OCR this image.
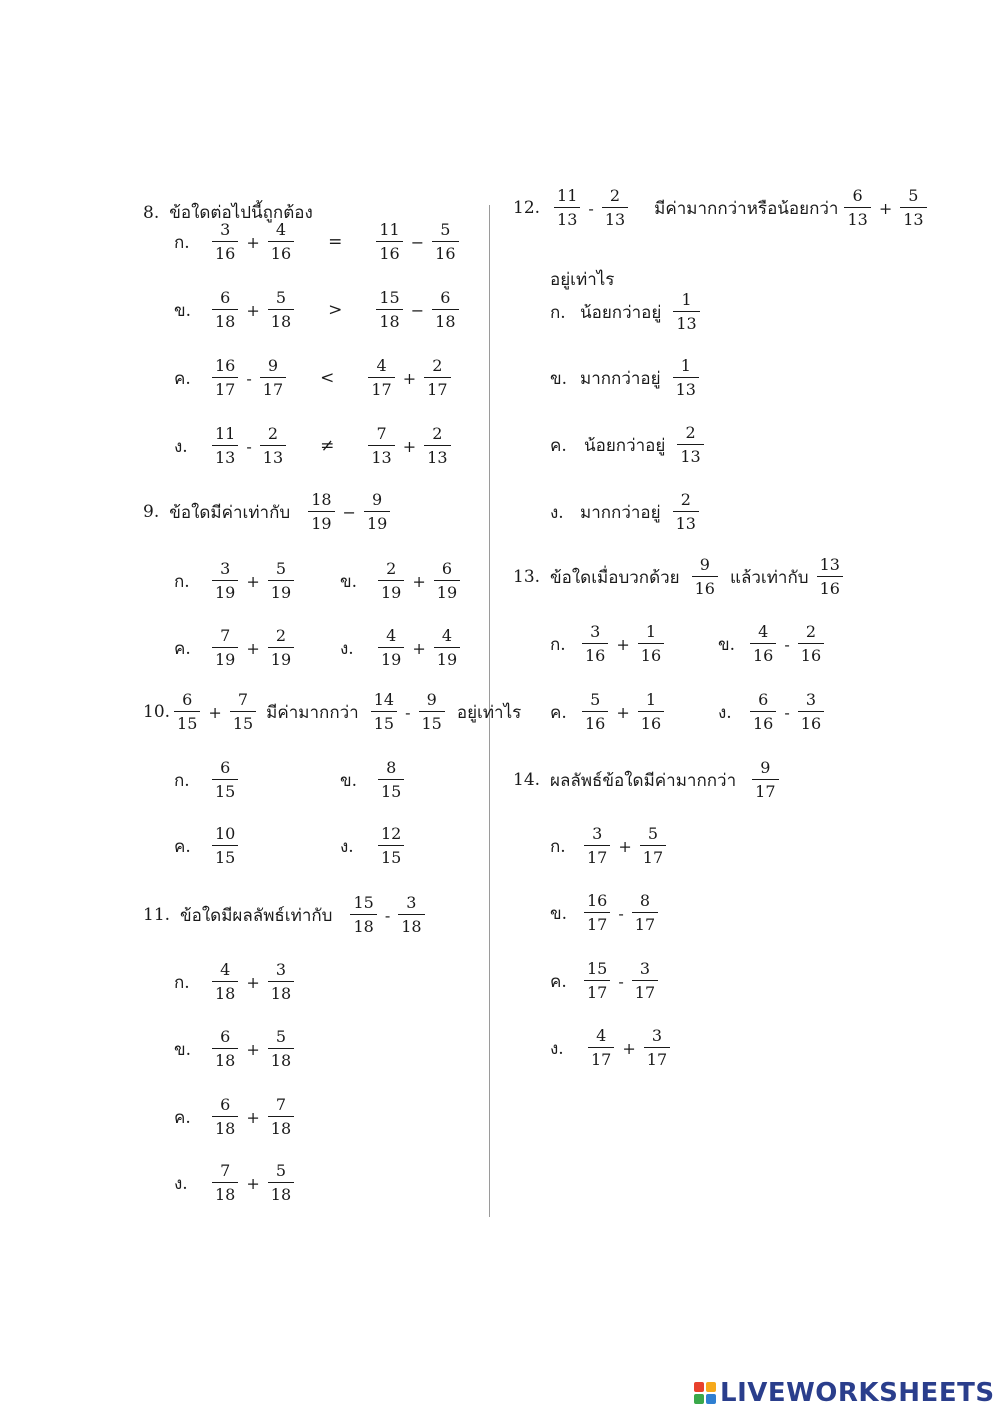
8. ข้อใดต่อไปนี้ถูกต้อง
ก.	$\frac{3}{16} + \frac{4}{16} = \frac{11}{16} - \frac{5}{16}$
ข.	$\frac{6}{18} + \frac{5}{18} > \frac{15}{18} - \frac{6}{18}$
ค.	$\frac{16}{17} - \frac{9}{17} < \frac{4}{17} + \frac{2}{17}$
ง.	$\frac{11}{13} - \frac{2}{13} \ne \frac{7}{13} + \frac{2}{13}$
9. ข้อใดมีค่าเท่ากับ $\frac{18}{19} - \frac{9}{19}$
ก.	$\frac{3}{19} + \frac{5}{19}$	ข.	$\frac{2}{19} + \frac{6}{19}$
ค.	$\frac{7}{19} + \frac{2}{19}$	ง.	$\frac{4}{19} + \frac{4}{19}$
10. $\frac{6}{15} + \frac{7}{15}$ มีค่ามากกว่า $\frac{14}{15} - \frac{9}{15}$ อยู่เท่าไร
ก.	$\frac{6}{15}$	ข.	$\frac{8}{15}$
ค.	$\frac{10}{15}$	ง.	$\frac{12}{15}$
11. ข้อใดมีผลลัพธ์เท่ากับ $\frac{15}{18} - \frac{3}{18}$
ก.	$\frac{4}{18} + \frac{3}{18}$
ข.	$\frac{6}{18} + \frac{5}{18}$
ค.	$\frac{6}{18} + \frac{7}{18}$
ง.	$\frac{7}{18} + \frac{5}{18}$
12. $\frac{11}{13} - \frac{2}{13}$ มีค่ามากกว่าหรือน้อยกว่า $\frac{6}{13} + \frac{5}{13}$
อยู่เท่าไร
ก. น้อยกว่าอยู่ $\frac{1}{13}$
ข. มากกว่าอยู่ $\frac{1}{13}$
ค.	น้อยกว่าอยู่ $\frac{2}{13}$
ง. มากกว่าอยู่ $\frac{2}{13}$
13. ข้อใดเมื่อบวกด้วย $\frac{9}{16}$ แล้วเท่ากับ $\frac{13}{16}$
ก.	$\frac{3}{16} + \frac{1}{16}$	ข. $\frac{4}{16} - \frac{2}{16}$
ค. $\frac{5}{16} + \frac{1}{16}$	ง.	$\frac{6}{16} - \frac{3}{16}$
14. ผลลัพธ์ข้อใดมีค่ามากกว่า $\frac{9}{17}$
ก.	$\frac{3}{17} + \frac{5}{17}$
ข.	$\frac{16}{17} - \frac{8}{17}$
ค.	$\frac{15}{17} - \frac{3}{17}$
ง.	$\frac{4}{17} + \frac{3}{17}$
LIVEWORKSHEETS
